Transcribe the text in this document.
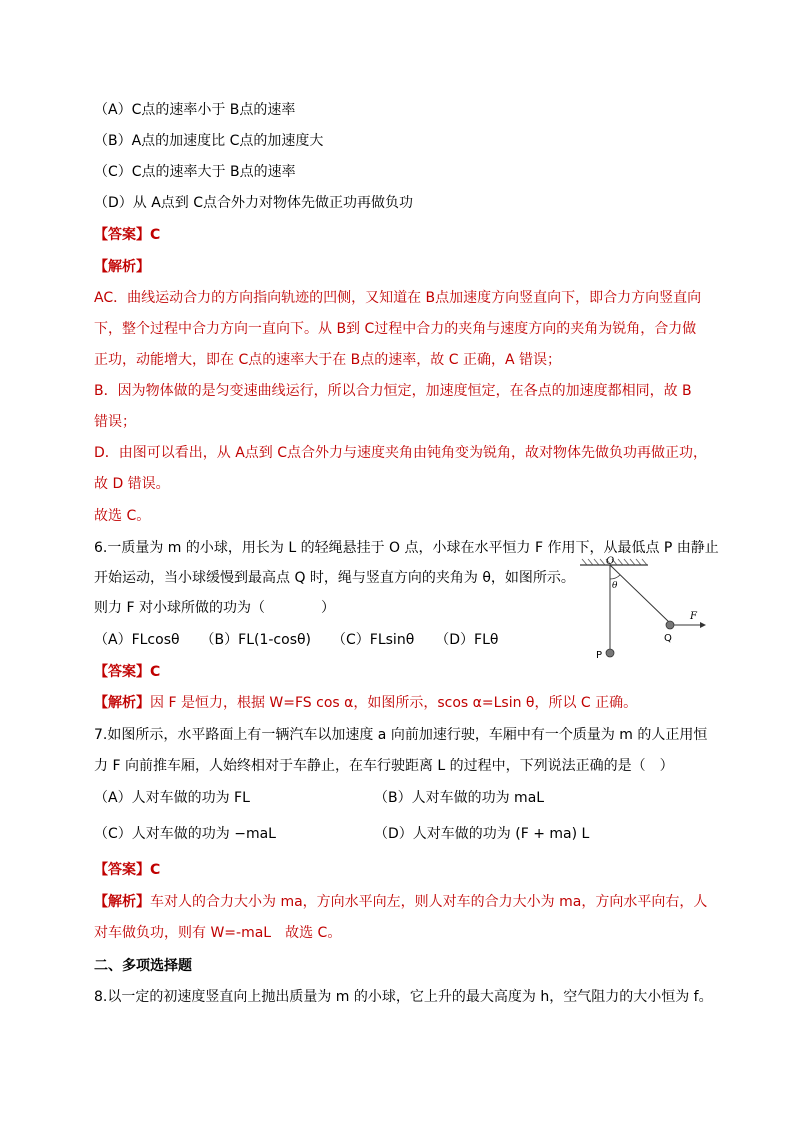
（A）C点的速率小于 B点的速率
（B）A点的加速度比 C点的加速度大
（C）C点的速率大于 B点的速率
（D）从 A点到 C点合外力对物体先做正功再做负功
【答案】C
【解析】
AC．曲线运动合力的方向指向轨迹的凹侧，又知道在 B点加速度方向竖直向下，即合力方向竖直向
下，整个过程中合力方向一直向下。从 B到 C过程中合力的夹角与速度方向的夹角为锐角，合力做
正功，动能增大，即在 C点的速率大于在 B点的速率，故 C 正确，A 错误；
B．因为物体做的是匀变速曲线运行，所以合力恒定，加速度恒定，在各点的加速度都相同，故 B
错误；
D．由图可以看出，从 A点到 C点合外力与速度夹角由钝角变为锐角，故对物体先做负功再做正功，
故 D 错误。
故选 C。
6.一质量为 m 的小球，用长为 L 的轻绳悬挂于 O 点，小球在水平恒力 F 作用下，从最低点 P 由静止
开始运动，当小球缓慢到最高点 Q 时，绳与竖直方向的夹角为 θ，如图所示。
则力 F 对小球所做的功为（　　　　）
（A）FLcosθ　　（B）FL(1-cosθ)　　（C）FLsinθ　　（D）FLθ
O
θ
F
Q
P
【答案】C
【解析】因 F 是恒力，根据 W=FS cos α，如图所示，scos α=Lsin θ，所以 C 正确。
7.如图所示，水平路面上有一辆汽车以加速度 a 向前加速行驶，车厢中有一个质量为 m 的人正用恒
力 F 向前推车厢，人始终相对于车静止，在车行驶距离 L 的过程中，下列说法正确的是（　）
（A）人对车做的功为 FL	（B）人对车做的功为 maL
（C）人对车做的功为 −maL	（D）人对车做的功为 (F + ma) L
【答案】C
【解析】车对人的合力大小为 ma，方向水平向左，则人对车的合力大小为 ma，方向水平向右，人
对车做负功，则有 W=-maL　故选 C。
二、多项选择题
8.以一定的初速度竖直向上抛出质量为 m 的小球，它上升的最大高度为 h，空气阻力的大小恒为 f。
